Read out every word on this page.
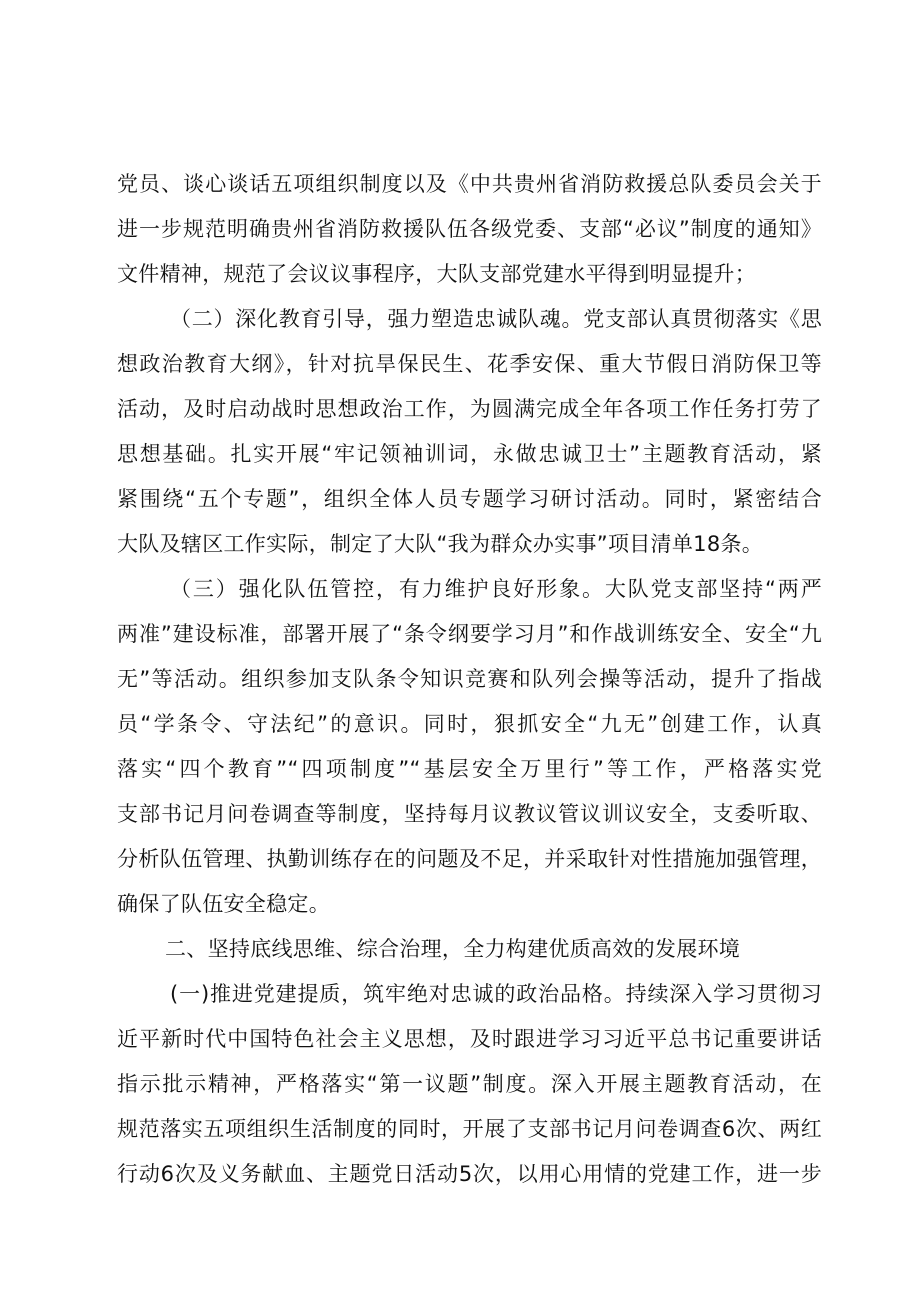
党员、谈心谈话五项组织制度以及《中共贵州省消防救援总队委员会关于
进一步规范明确贵州省消防救援队伍各级党委、支部“必议”制度的通知》
文件精神，规范了会议议事程序，大队支部党建水平得到明显提升；
（二）深化教育引导，强力塑造忠诚队魂。党支部认真贯彻落实《思
想政治教育大纲》，针对抗旱保民生、花季安保、重大节假日消防保卫等
活动，及时启动战时思想政治工作，为圆满完成全年各项工作任务打劳了
思想基础。扎实开展“牢记领袖训词，永做忠诚卫士”主题教育活动，紧
紧围绕“五个专题”，组织全体人员专题学习研讨活动。同时，紧密结合
大队及辖区工作实际，制定了大队“我为群众办实事”项目清单18条。
（三）强化队伍管控，有力维护良好形象。大队党支部坚持“两严
两准”建设标准，部署开展了“条令纲要学习月”和作战训练安全、安全“九
无”等活动。组织参加支队条令知识竞赛和队列会操等活动，提升了指战
员“学条令、守法纪”的意识。同时，狠抓安全“九无”创建工作，认真
落实“四个教育”“四项制度”“基层安全万里行”等工作，严格落实党
支部书记月问卷调查等制度，坚持每月议教议管议训议安全，支委听取、
分析队伍管理、执勤训练存在的问题及不足，并采取针对性措施加强管理，
确保了队伍安全稳定。
二、坚持底线思维、综合治理，全力构建优质高效的发展环境
(一)推进党建提质，筑牢绝对忠诚的政治品格。持续深入学习贯彻习
近平新时代中国特色社会主义思想，及时跟进学习习近平总书记重要讲话
指示批示精神，严格落实“第一议题”制度。深入开展主题教育活动，在
规范落实五项组织生活制度的同时，开展了支部书记月问卷调查6次、两红
行动6次及义务献血、主题党日活动5次，以用心用情的党建工作，进一步
